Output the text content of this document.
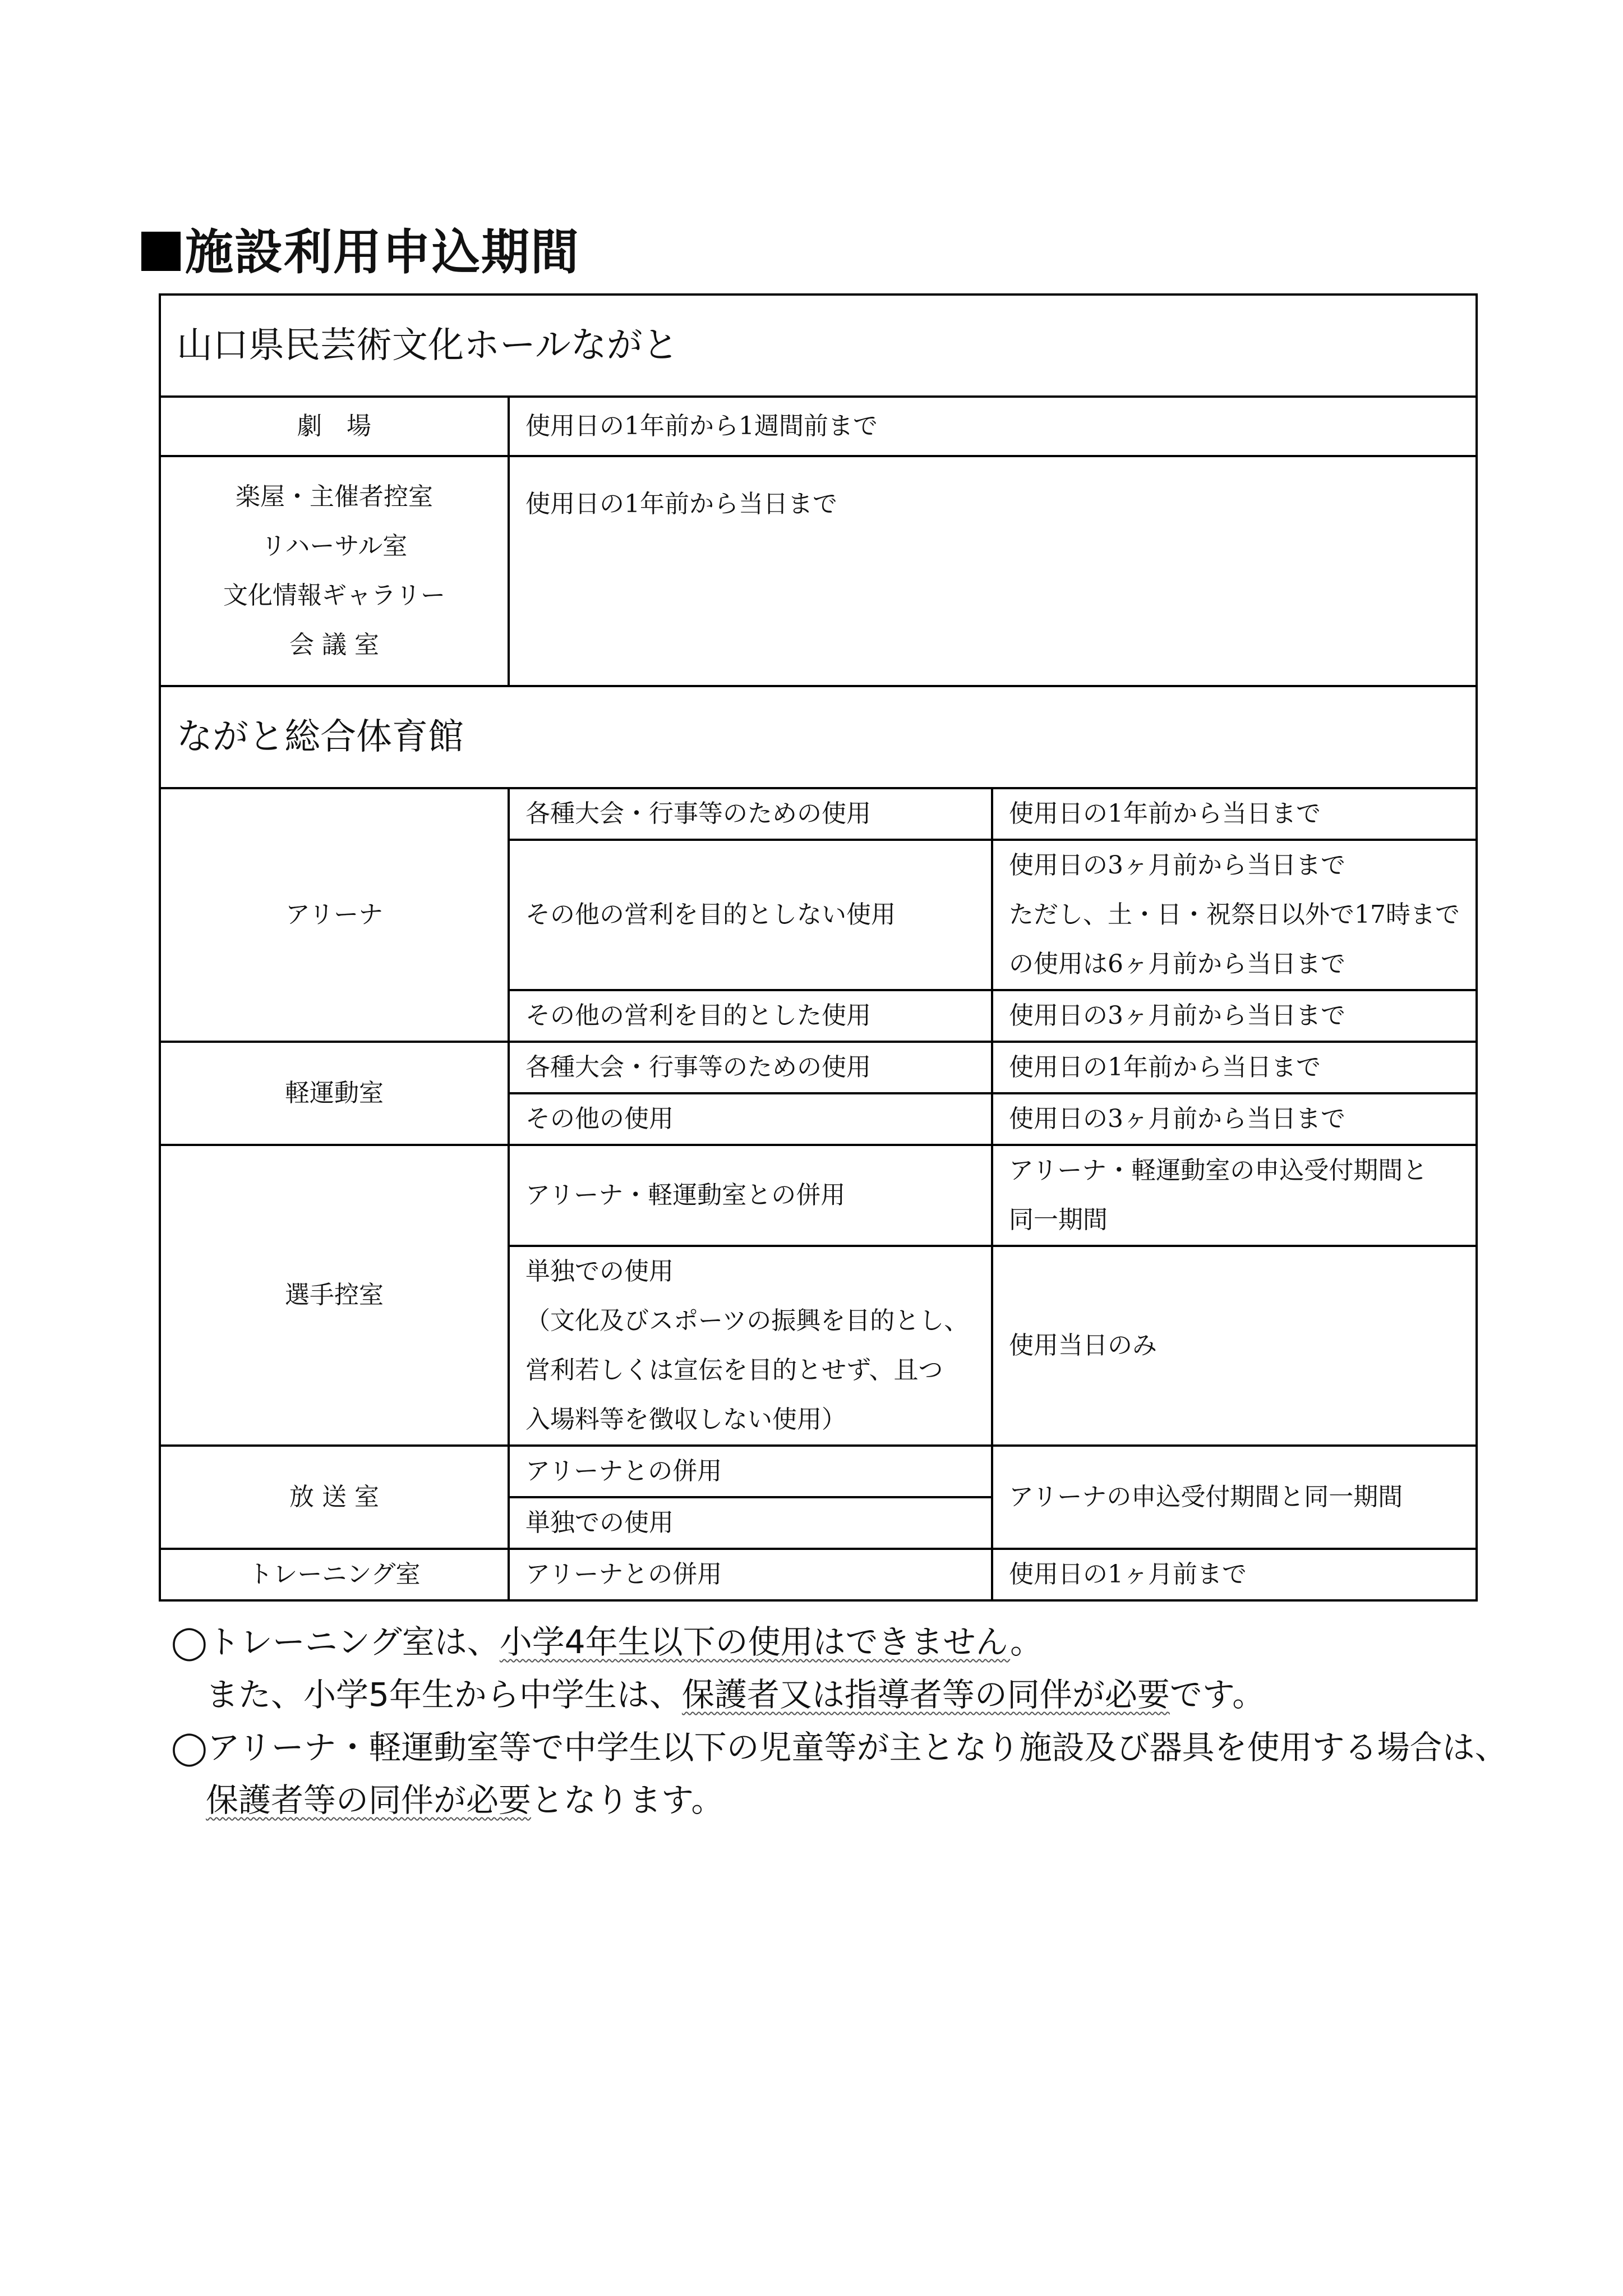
施設利用申込期間
山口県民芸術文化ホールながと		
劇　場	使用日の1年前から1週間前まで	

楽屋・主催者控室
リハーサル室
文化情報ギャラリー
会 議 室	使用日の1年前から当日まで	
ながと総合体育館		
アリーナ	各種大会・行事等のための使用	使用日の1年前から当日まで
	その他の営利を目的としない使用	使用日の3ヶ月前から当日まで
ただし、土・日・祝祭日以外で17時まで
の使用は6ヶ月前から当日まで

	その他の営利を目的とした使用	使用日の3ヶ月前から当日まで
軽運動室	各種大会・行事等のための使用	使用日の1年前から当日まで
	その他の使用	使用日の3ヶ月前から当日まで
選手控室	アリーナ・軽運動室との併用	アリーナ・軽運動室の申込受付期間と
同一期間

	単独での使用
（文化及びスポーツの振興を目的とし、
営利若しくは宣伝を目的とせず、且つ
入場料等を徴収しない使用）	使用当日のみ
放 送 室	アリーナとの併用	アリーナの申込受付期間と同一期間
	単独での使用	
トレーニング室	アリーナとの併用	使用日の1ヶ月前まで
◯トレーニング室は、小学4年生以下の使用はできません。
また、小学5年生から中学生は、保護者又は指導者等の同伴が必要です。
◯アリーナ・軽運動室等で中学生以下の児童等が主となり施設及び器具を使用する場合は、
保護者等の同伴が必要となります。
